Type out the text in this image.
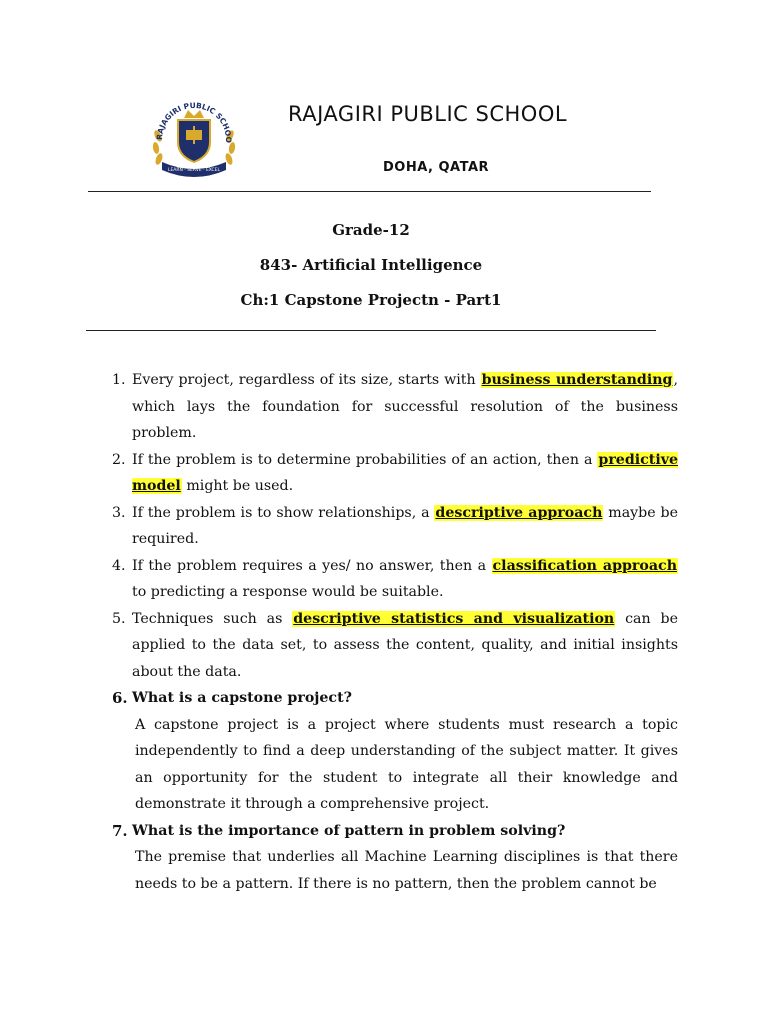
RAJAGIRI PUBLIC SCHOO
LEARN · SERVE · EXCEL
RAJAGIRI PUBLIC SCHOOL
DOHA, QATAR
Grade-12
843- Artificial Intelligence
Ch:1 Capstone Projectn - Part1
1. Every project, regardless of its size, starts with business understanding, which lays the foundation for successful resolution of the business problem.
2. If the problem is to determine probabilities of an action, then a predictive model might be used.
3. If the problem is to show relationships, a descriptive approach maybe be required.
4. If the problem requires a yes/ no answer, then a classification approach to predicting a response would be suitable.
5. Techniques such as descriptive statistics and visualization can be applied to the data set, to assess the content, quality, and initial insights about the data.
6. What is a capstone project?
A capstone project is a project where students must research a topic independently to find a deep understanding of the subject matter. It gives an opportunity for the student to integrate all their knowledge and demonstrate it through a comprehensive project.
7. What is the importance of pattern in problem solving?
The premise that underlies all Machine Learning disciplines is that there needs to be a pattern. If there is no pattern, then the problem cannot be
